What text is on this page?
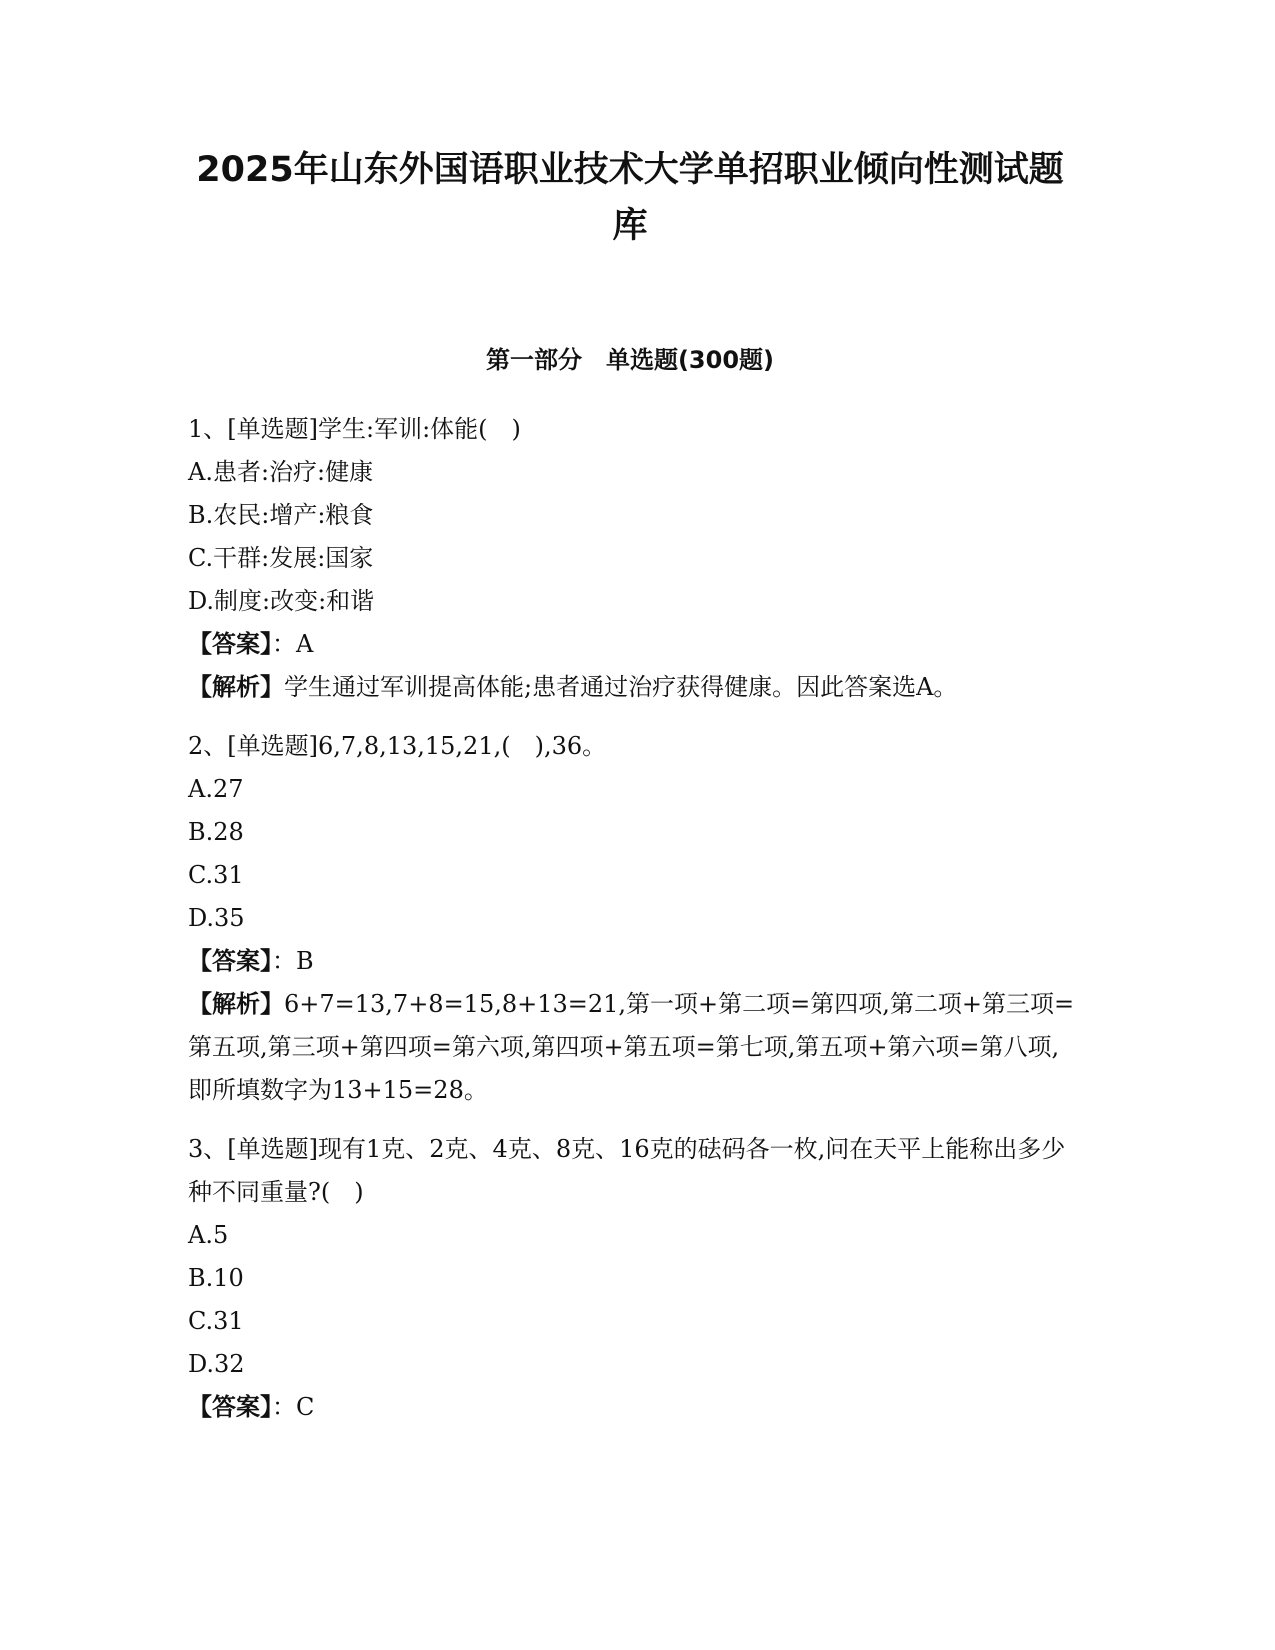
2025年山东外国语职业技术大学单招职业倾向性测试题库
第一部分　单选题(300题)
1、[单选题]学生:军训:体能(　)
A.患者:治疗:健康
B.农民:增产:粮食
C.干群:发展:国家
D.制度:改变:和谐
【答案】：A
【解析】学生通过军训提高体能;患者通过治疗获得健康。因此答案选A。
2、[单选题]6,7,8,13,15,21,(　),36。
A.27
B.28
C.31
D.35
【答案】：B
【解析】6+7=13,7+8=15,8+13=21,第一项+第二项=第四项,第二项+第三项=第五项,第三项+第四项=第六项,第四项+第五项=第七项,第五项+第六项=第八项,即所填数字为13+15=28。
3、[单选题]现有1克、2克、4克、8克、16克的砝码各一枚,问在天平上能称出多少种不同重量?(　)
A.5
B.10
C.31
D.32
【答案】：C
